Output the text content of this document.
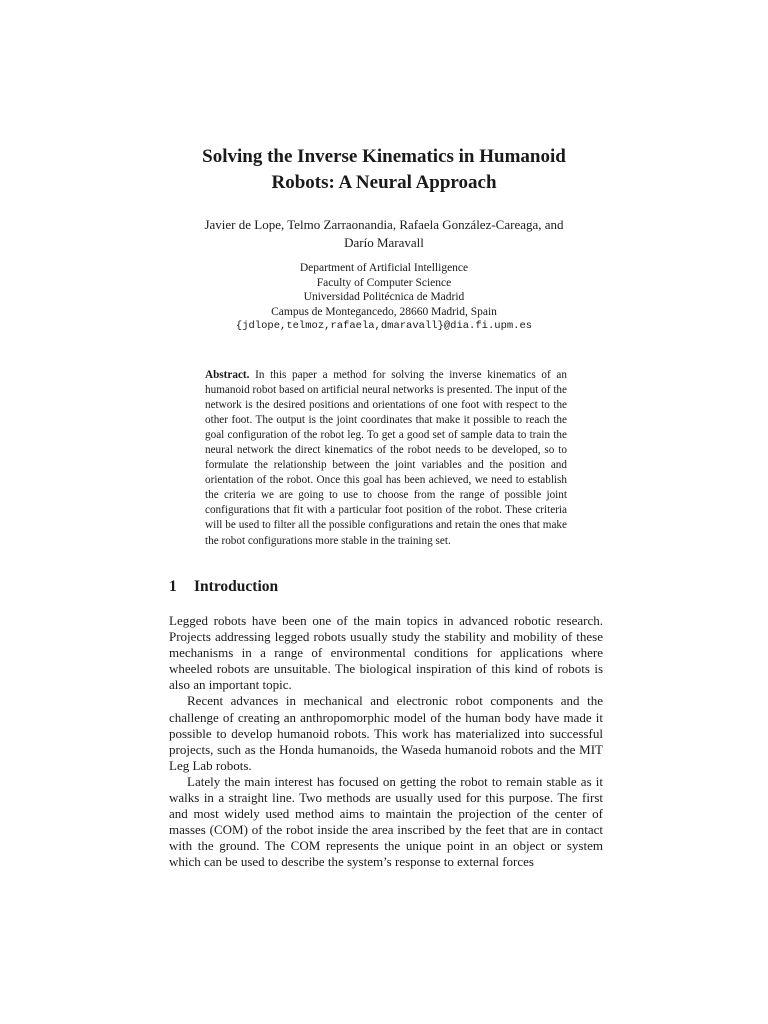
Solving the Inverse Kinematics in Humanoid
Robots: A Neural Approach
Javier de Lope, Telmo Zarraonandia, Rafaela González-Careaga, and
Darío Maravall
Department of Artificial Intelligence
Faculty of Computer Science
Universidad Politécnica de Madrid
Campus de Montegancedo, 28660 Madrid, Spain
{jdlope,telmoz,rafaela,dmaravall}@dia.fi.upm.es
Abstract. In this paper a method for solving the inverse kinematics of an humanoid robot based on artificial neural networks is presented. The input of the network is the desired positions and orientations of one foot with respect to the other foot. The output is the joint coordinates that make it possible to reach the goal configuration of the robot leg. To get a good set of sample data to train the neural network the direct kinematics of the robot needs to be developed, so to formulate the relationship between the joint variables and the position and orientation of the robot. Once this goal has been achieved, we need to establish the criteria we are going to use to choose from the range of possible joint configurations that fit with a particular foot position of the robot. These criteria will be used to filter all the possible configurations and retain the ones that make the robot configurations more stable in the training set.
1 Introduction

Legged robots have been one of the main topics in advanced robotic research. Projects addressing legged robots usually study the stability and mobility of these mechanisms in a range of environmental conditions for applications where wheeled robots are unsuitable. The biological inspiration of this kind of robots is also an important topic.

Recent advances in mechanical and electronic robot components and the challenge of creating an anthropomorphic model of the human body have made it possible to develop humanoid robots. This work has materialized into successful projects, such as the Honda humanoids, the Waseda humanoid robots and the MIT Leg Lab robots.

Lately the main interest has focused on getting the robot to remain stable as it walks in a straight line. Two methods are usually used for this purpose. The first and most widely used method aims to maintain the projection of the center of masses (COM) of the robot inside the area inscribed by the feet that are in contact with the ground. The COM represents the unique point in an object or system which can be used to describe the system’s response to external forces
